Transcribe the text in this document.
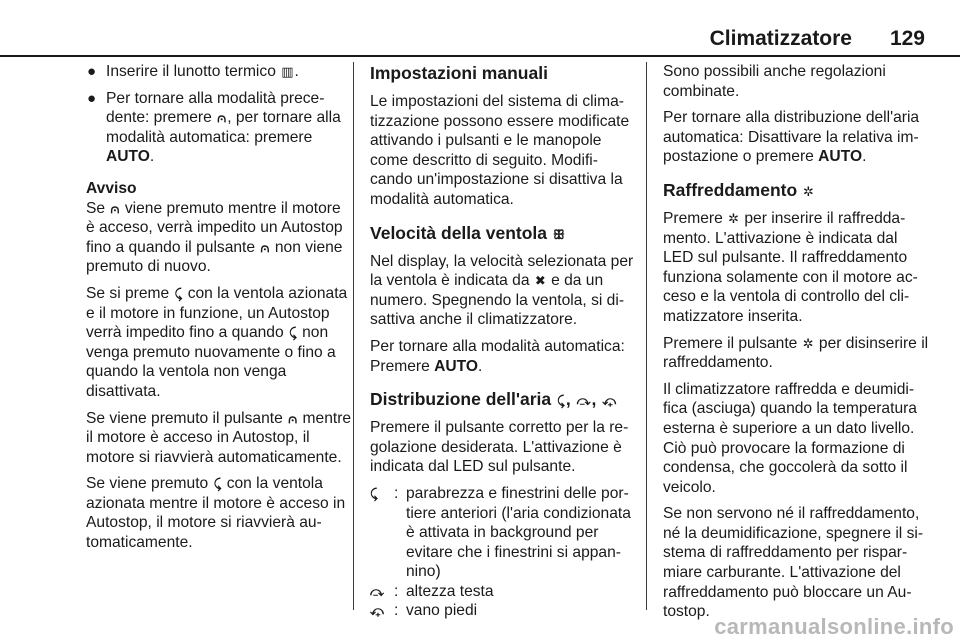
Climatizzatore 129
● Inserire il lunotto termico ▥.
● Per tornare alla modalità precedente: premere ⩀, per tornare alla modalità automatica: premere AUTO.

Avviso

Se ⩀ viene premuto mentre il motore è acceso, verrà impedito un Autostop fino a quando il pulsante ⩀ non viene premuto di nuovo.

Se si preme ⤹ con la ventola azionata e il motore in funzione, un Autostop verrà impedito fino a quando ⤹ non venga premuto nuovamente o fino a quando la ventola non venga disattivata.

Se viene premuto il pulsante ⩀ mentre il motore è acceso in Autostop, il motore si riavvierà automaticamente.

Se viene premuto ⤹ con la ventola azionata mentre il motore è acceso in Autostop, il motore si riavvierà automaticamente.

Impostazioni manuali

Le impostazioni del sistema di climatizzazione possono essere modificate attivando i pulsanti e le manopole come descritto di seguito. Modificando un'impostazione si disattiva la modalità automatica.

Velocità della ventola ꕥ

Nel display, la velocità selezionata per la ventola è indicata da ✖ e da un numero. Spegnendo la ventola, si disattiva anche il climatizzatore.

Per tornare alla modalità automatica: Premere AUTO.

Distribuzione dell'aria ⤹, ⤼, ⤽

Premere il pulsante corretto per la regolazione desiderata. L'attivazione è indicata dal LED sul pulsante.

⤹	: parabrezza e finestrini delle portiere anteriori (l'aria condizionata è attivata in background per evitare che i finestrini si appannino)
⤼ : altezza testa
⤽ : vano piedi

Sono possibili anche regolazioni combinate.

Per tornare alla distribuzione dell'aria automatica: Disattivare la relativa impostazione o premere AUTO.

Raffreddamento ✲

Premere ✲ per inserire il raffreddamento. L'attivazione è indicata dal LED sul pulsante. Il raffreddamento funziona solamente con il motore acceso e la ventola di controllo del climatizzatore inserita.

Premere il pulsante ✲ per disinserire il raffreddamento.

Il climatizzatore raffredda e deumidifica (asciuga) quando la temperatura esterna è superiore a un dato livello. Ciò può provocare la formazione di condensa, che goccolerà da sotto il veicolo.

Se non servono né il raffreddamento, né la deumidificazione, spegnere il sistema di raffreddamento per risparmiare carburante. L'attivazione del raffreddamento può bloccare un Autostop.

carmanualsonline.info
